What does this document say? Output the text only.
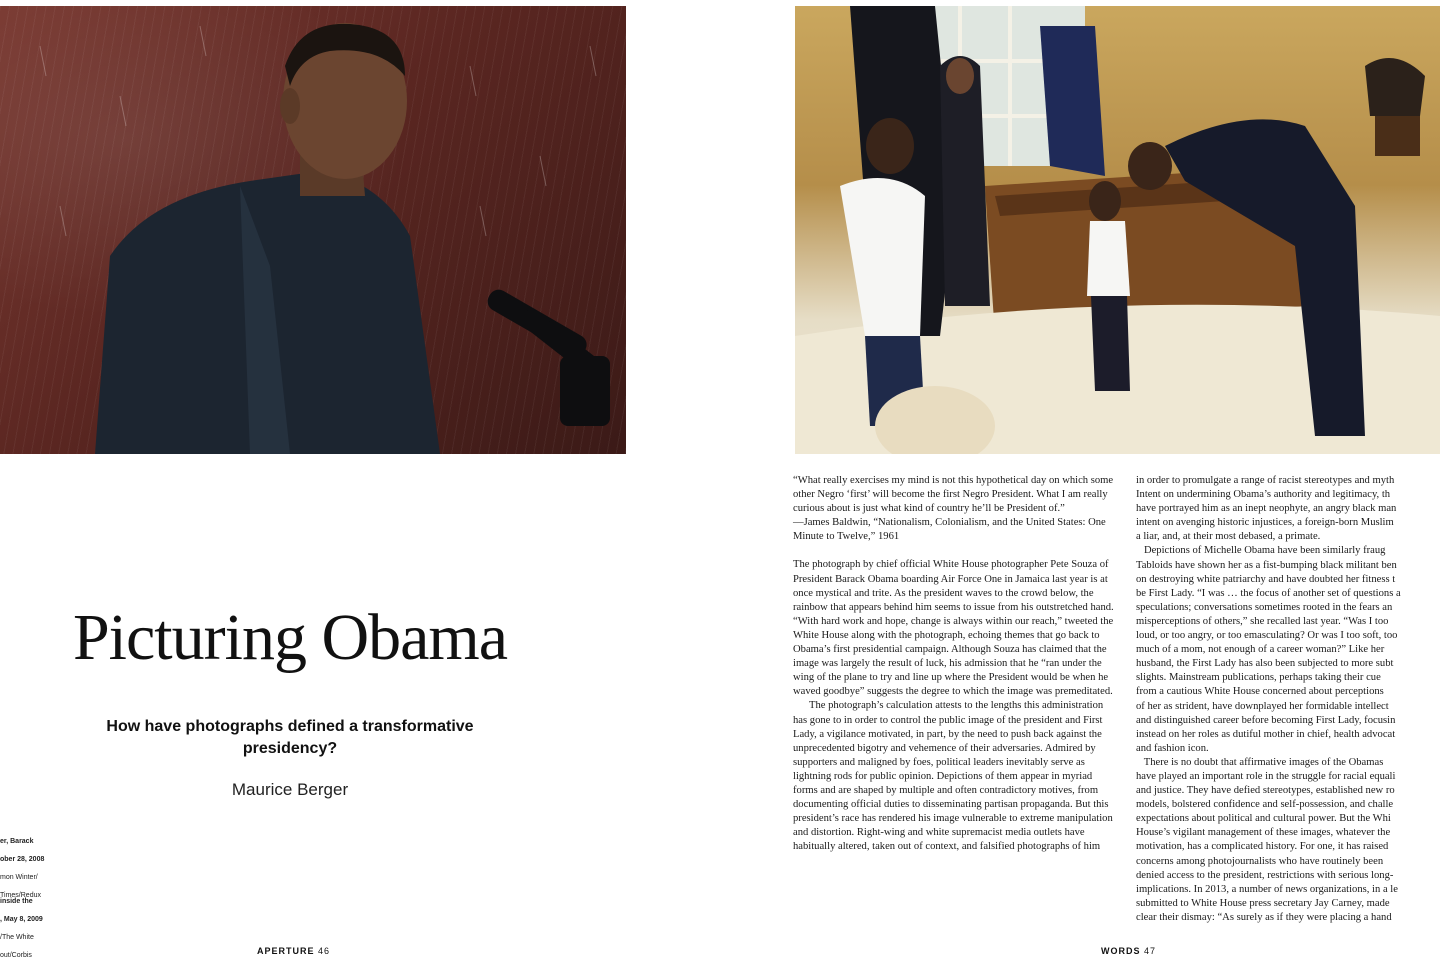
Picturing Obama
How have photographs defined a transformative presidency?
Maurice Berger

er, Barack

ober 28, 2008

mon Winter/

Times/Redux

inside the

, May 8, 2009

/The White

out/Corbis	APERTURE 46

“What really exercises my mind is not this hypothetical day on which some other Negro ‘first’ will become the first Negro President. What I am really curious about is just what kind of country he’ll be President of.”

—James Baldwin, “Nationalism, Colonialism, and the United States: One Minute to Twelve,” 1961

The photograph by chief official White House photographer Pete Souza of President Barack Obama boarding Air Force One in Jamaica last year is at once mystical and trite. As the president waves to the crowd below, the rainbow that appears behind him seems to issue from his outstretched hand. “With hard work and hope, change is always within our reach,” tweeted the White House along with the photograph, echoing themes that go back to Obama’s first presidential campaign. Although Souza has claimed that the image was largely the result of luck, his admission that he “ran under the wing of the plane to try and line up where the President would be when he waved goodbye” suggests the degree to which the image was premeditated.

The photograph’s calculation attests to the lengths this administration has gone to in order to control the public image of the president and First Lady, a vigilance motivated, in part, by the need to push back against the unprecedented bigotry and vehemence of their adversaries. Admired by supporters and maligned by foes, political leaders inevitably serve as lightning rods for public opinion. Depictions of them appear in myriad forms and are shaped by multiple and often contradictory motives, from documenting official duties to disseminating partisan propaganda. But this president’s race has rendered his image vulnerable to extreme manipulation and distortion. Right-wing and white supremacist media outlets have habitually altered, taken out of context, and falsified photographs of him

in order to promulgate a range of racist stereotypes and myth
Intent on undermining Obama’s authority and legitimacy, th
have portrayed him as an inept neophyte, an angry black man
intent on avenging historic injustices, a foreign-born Muslim
a liar, and, at their most debased, a primate.
Depictions of Michelle Obama have been similarly fraug
Tabloids have shown her as a fist-bumping black militant ben
on destroying white patriarchy and have doubted her fitness t
be First Lady. “I was … the focus of another set of questions a
speculations; conversations sometimes rooted in the fears an
misperceptions of others,” she recalled last year. “Was I too
loud, or too angry, or too emasculating? Or was I too soft, too
much of a mom, not enough of a career woman?” Like her
husband, the First Lady has also been subjected to more subt
slights. Mainstream publications, perhaps taking their cue
from a cautious White House concerned about perceptions
of her as strident, have downplayed her formidable intellect
and distinguished career before becoming First Lady, focusin
instead on her roles as dutiful mother in chief, health advocat
and fashion icon.
There is no doubt that affirmative images of the Obamas
have played an important role in the struggle for racial equali
and justice. They have defied stereotypes, established new ro
models, bolstered confidence and self-possession, and challe
expectations about political and cultural power. But the Whi
House’s vigilant management of these images, whatever the
motivation, has a complicated history. For one, it has raised
concerns among photojournalists who have routinely been
denied access to the president, restrictions with serious long-
implications. In 2013, a number of news organizations, in a le
submitted to White House press secretary Jay Carney, made
clear their dismay: “As surely as if they were placing a hand
WORDS 47
